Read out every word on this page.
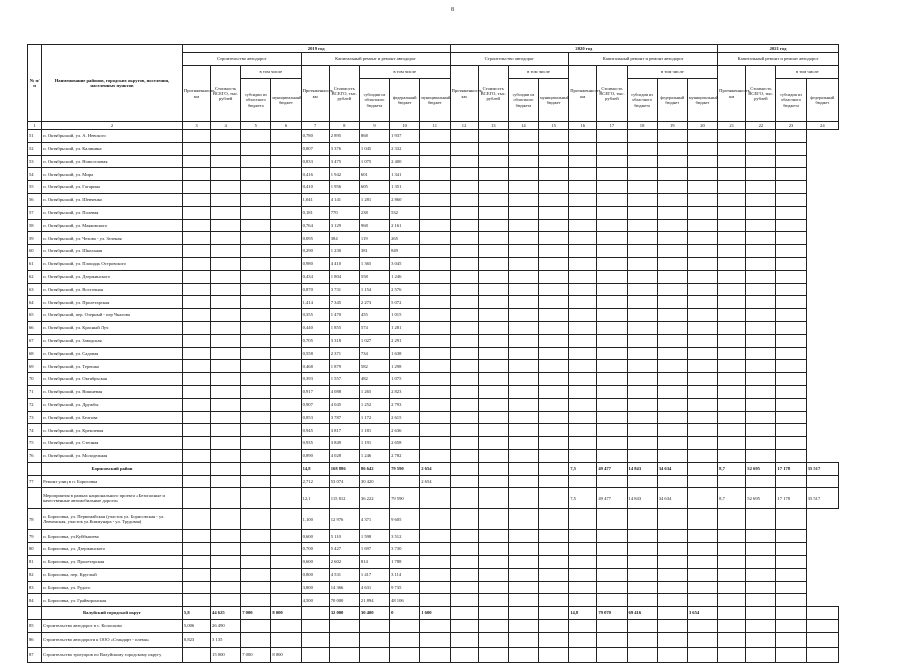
8
№ п/п	Наименование районов, городских округов, поселения, населенных пунктов	2019 год									2020 год									2021 год			
		Строительство автодорог				Капитальный ремонт и ремонт автодорог					Строительство автодорог				Капитальный ремонт и ремонт автодорог					Капитальный ремонт и ремонт автодорог			
		Протяженность, км	Стоимость ВСЕГО, тыс. рублей	в том числе		Протяженность, км	Стоимость ВСЕГО, тыс. рублей	в том числе			Протяженность, км	Стоимость ВСЕГО, тыс. рублей	в том числе		Протяженность, км	Стоимость ВСЕГО, тыс. рублей	в том числе			Протяженность, км	Стоимость ВСЕГО, тыс. рублей	в том числе	
				субсидии из областного бюджета	муниципальный бюджет			субсидии из областного бюджета	федеральный бюджет	муниципальный бюджет			субсидии из областного бюджета	муниципальный бюджет			субсидии из областного бюджета	федеральный бюджет	муниципальный бюджет			субсидии из областного бюджета	федеральный бюджет
1	2	3	4	5	6	7	8	9	10	11	12	13	14	15	16	17	18	19	20	21	22	23	24
51	п. Октябрьский, ул. А. Невского					0,780	2 895	868	1 937														
52	п. Октябрьский, ул. Калинина					0,807	3 376	1 045	2 332														
53	п. Октябрьский, ул. Новоселовая					0,833	3 475	1 075	2 400														
54	п. Октябрьский, ул. Мира					0,416	1 942	601	1 341														
55	п. Октябрьский, ул. Гагарина					0,410	1 956	605	1 351														
56	п. Октябрьский, ул. Шевченко					1,041	4 141	1 281	2 860														
57	п. Октябрьский, ул. Полевая					0,181	770	238	532														
58	п. Октябрьский, ул. Маяковского					0,764	3 129	968	2 161														
59	п. Октябрьский, ул. Чехова - ул. Зеленая					0,095	384	119	265														
60	п. Октябрьский, ул. Школьная					0,290	1 230	381	849														
61	п. Октябрьский, ул. Площадь Островского					0,980	4 410	1 365	3 045														
62	п. Октябрьский, ул. Дзержинского					0,434	1 804	558	1 246														
63	п. Октябрьский, ул. Восточная					0,870	3 731	1 154	2 576														
64	п. Октябрьский, ул. Пролетарская					1,414	7 345	2 273	5 072														
65	п. Октябрьский, пер. Озерный - пер Чкалова					0,355	1 470	455	1 015														
66	п. Октябрьский, ул. Красный Луч					0,440	1 855	574	1 281														
67	п. Октябрьский, ул. Заводская					0,705	3 318	1 027	2 291														
68	п. Октябрьский, ул. Садовая					0,558	2 371	734	1 638														
69	п. Октябрьский, ул. Терешко					0,468	1 879	582	1 298														
70	п. Октябрьский, ул. Октябрьская					0,393	1 557	482	1 075														
71	п. Октябрьский, ул. Вишневая					0,917	4 088	1 265	2 823														
72	п. Октябрьский, ул. Дружбы					0,907	4 045	1 252	2 793														
73	п. Октябрьский, ул. Белгова					0,853	3 787	1 172	2 615														
74	п. Октябрьский, ул. Кремлевая					0,945	3 817	1 181	2 636														
75	п. Октябрьский, ул. Степная					0,935	3 849	1 191	2 658														
76	п. Октябрьский, ул. Молодежная					0,890	4 028	1 246	2 782														
	Борисовский район					14,8	168 886	86 642	79 590	2 654					7,5	49 477	14 843	34 634		8,7	52 695	17 178	35 517
77	Ремонт улиц в п. Борисовка					2,712	53 074	30 420		2 654													
	Мероприятия в рамках национального проекта «Безопасные и качественные автомобильные дороги»					12,1	115 812	36 222	79 590						7,5	49 477	14 843	34 634		8,7	52 695	17 178	35 517
78	п. Борисовка, ул. Первомайская (участок ул. Борисовская - ул. Левченская, участок ул.Коммунара - ул. Трудовая)					1,100	12 976	4 371	9 605														
79	п. Борисовка, ул.Куйбышева					0,600	5 110	1 598	3 512														
80	п. Борисовка, ул. Дзержинского					0,700	5 427	1 697	3 730														
81	п. Борисовка, ул. Пролетарская					0,600	2 602	814	1 788														
82	п. Борисовка, пер. Круглый					0,800	4 531	1 417	3 114														
83	п. Борисовка, ул. Рудого					3,800	14 366	4 631	9 735														
84	п. Борисовка, ул. Грайворонская					4,500	70 000	21 894	48 106														
	Валуйский городской округ	5,8	44 625	7 000	8 000		32 000	30 400	0	1 600					14,8	79 070	69 416		3 654				
85	Строительство автодорог в с. Колосково	5,006	26 490																				
86	Строительство автодороги к ООО «Стандарт - племя»	0,823	3 135																				
87	Строительство тротуаров по Валуйскому городскому округу		15 000	7 000	8 000																		
